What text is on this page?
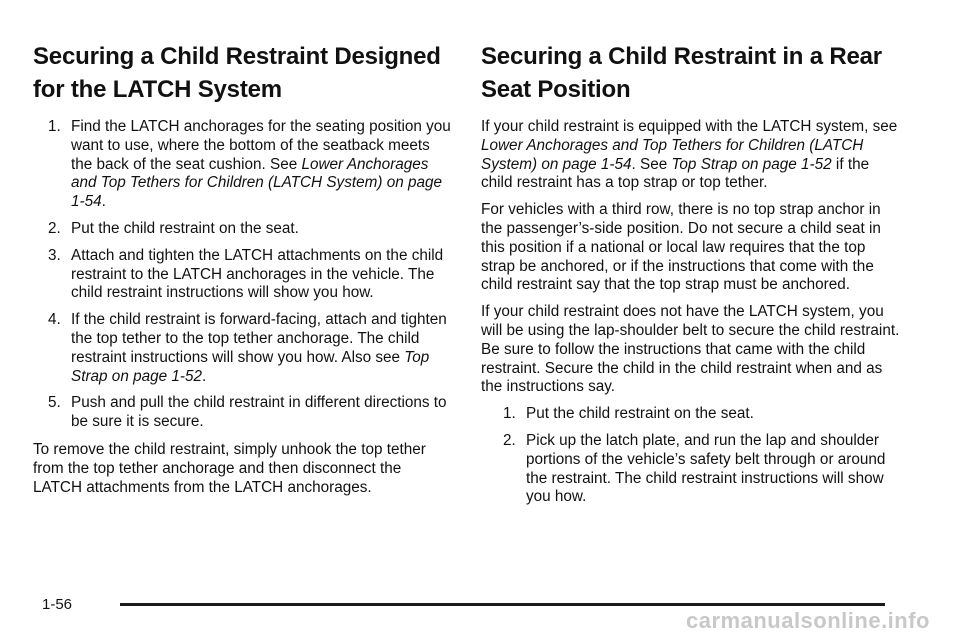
Securing a Child Restraint Designed for the LATCH System
1. Find the LATCH anchorages for the seating position you want to use, where the bottom of the seatback meets the back of the seat cushion. See Lower Anchorages and Top Tethers for Children (LATCH System) on page 1-54.
2. Put the child restraint on the seat.
3. Attach and tighten the LATCH attachments on the child restraint to the LATCH anchorages in the vehicle. The child restraint instructions will show you how.
4. If the child restraint is forward-facing, attach and tighten the top tether to the top tether anchorage. The child restraint instructions will show you how. Also see Top Strap on page 1-52.
5. Push and pull the child restraint in different directions to be sure it is secure.

To remove the child restraint, simply unhook the top tether from the top tether anchorage and then disconnect the LATCH attachments from the LATCH anchorages.

Securing a Child Restraint in a Rear Seat Position

If your child restraint is equipped with the LATCH system, see Lower Anchorages and Top Tethers for Children (LATCH System) on page 1-54. See Top Strap on page 1-52 if the child restraint has a top strap or top tether.

For vehicles with a third row, there is no top strap anchor in the passenger’s-side position. Do not secure a child seat in this position if a national or local law requires that the top strap be anchored, or if the instructions that come with the child restraint say that the top strap must be anchored.

If your child restraint does not have the LATCH system, you will be using the lap-shoulder belt to secure the child restraint. Be sure to follow the instructions that came with the child restraint. Secure the child in the child restraint when and as the instructions say.

1. Put the child restraint on the seat.
2. Pick up the latch plate, and run the lap and shoulder portions of the vehicle’s safety belt through or around the restraint. The child restraint instructions will show you how.
1-56
carmanualsonline.info
